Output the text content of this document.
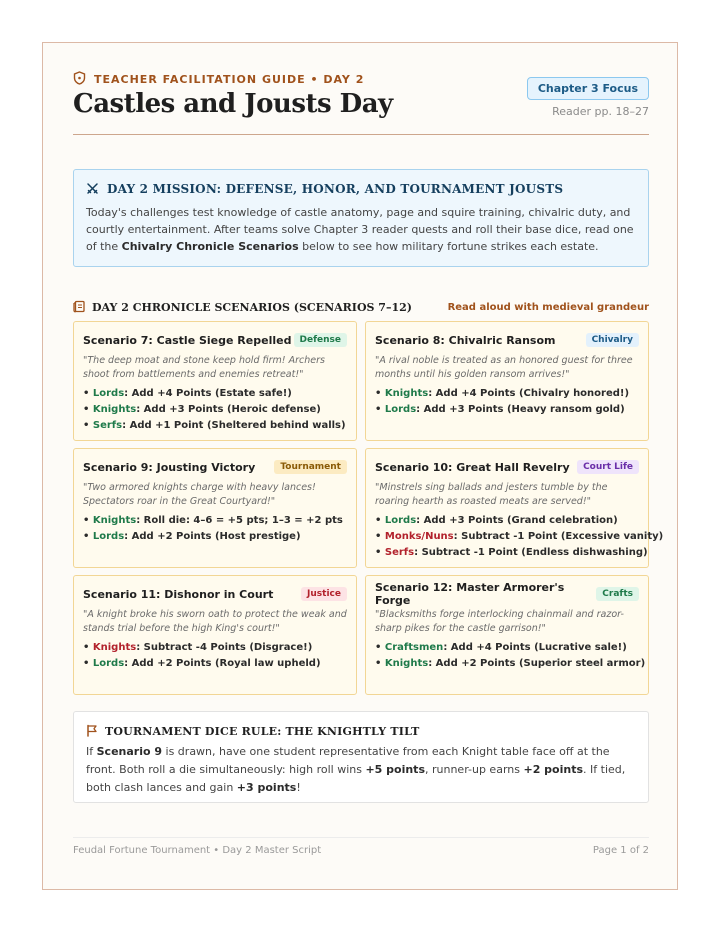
TEACHER FACILITATION GUIDE • DAY 2
Castles and Jousts Day
Chapter 3 Focus
Reader pp. 18–27
DAY 2 MISSION: DEFENSE, HONOR, AND TOURNAMENT JOUSTS

Today's challenges test knowledge of castle anatomy, page and squire training, chivalric duty, and courtly entertainment. After teams solve Chapter 3 reader quests and roll their base dice, read one of the Chivalry Chronicle Scenarios below to see how military fortune strikes each estate.

DAY 2 CHRONICLE SCENARIOS (SCENARIOS 7–12)	Read aloud with medieval grandeur
Scenario 7: Castle Siege Repelled Defense

"The deep moat and stone keep hold firm! Archers shoot from battlements and enemies retreat!"

• Lords: Add +4 Points (Estate safe!)
• Knights: Add +3 Points (Heroic defense)
• Serfs: Add +1 Point (Sheltered behind walls)
Scenario 8: Chivalric Ransom	Chivalry

"A rival noble is treated as an honored guest for three months until his golden ransom arrives!"

• Knights: Add +4 Points (Chivalry honored!)
• Lords: Add +3 Points (Heavy ransom gold)
Scenario 9: Jousting Victory	Tournament

"Two armored knights charge with heavy lances! Spectators roar in the Great Courtyard!"

• Knights: Roll die: 4–6 = +5 pts; 1–3 = +2 pts
• Lords: Add +2 Points (Host prestige)
Scenario 10: Great Hall Revelry	Court Life

"Minstrels sing ballads and jesters tumble by the roaring hearth as roasted meats are served!"

• Lords: Add +3 Points (Grand celebration)
• Monks/Nuns: Subtract -1 Point (Excessive vanity)
• Serfs: Subtract -1 Point (Endless dishwashing)
Scenario 11: Dishonor in Court	Justice

"A knight broke his sworn oath to protect the weak and stands trial before the high King's court!"

• Knights: Subtract -4 Points (Disgrace!)
• Lords: Add +2 Points (Royal law upheld)
Scenario 12: Master Armorer's Forge	Crafts

"Blacksmiths forge interlocking chainmail and razor-sharp pikes for the castle garrison!"

• Craftsmen: Add +4 Points (Lucrative sale!)
• Knights: Add +2 Points (Superior steel armor)
TOURNAMENT DICE RULE: THE KNIGHTLY TILT

If Scenario 9 is drawn, have one student representative from each Knight table face off at the front. Both roll a die simultaneously: high roll wins +5 points, runner-up earns +2 points. If tied, both clash lances and gain +3 points!

Feudal Fortune Tournament • Day 2 Master Script	Page 1 of 2
